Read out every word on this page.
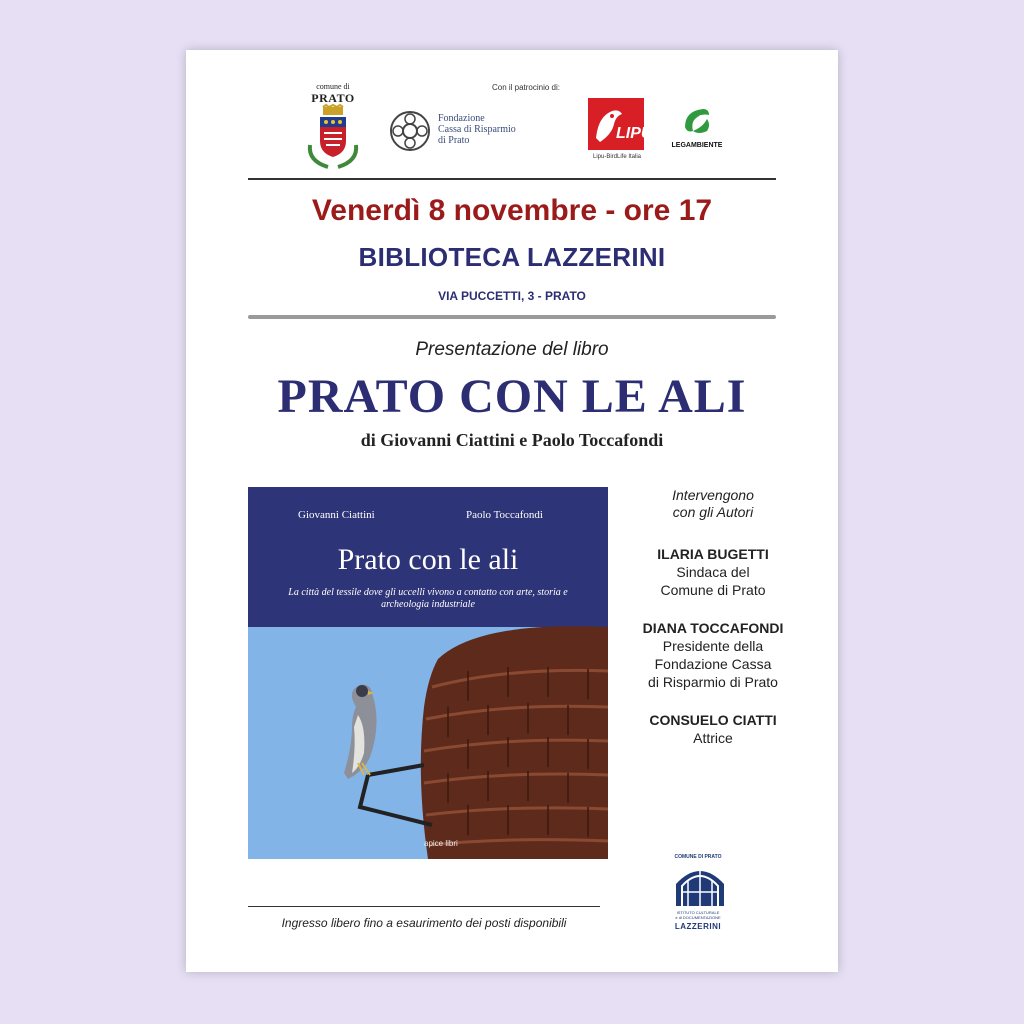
comune di
PRATO
Con il patrocinio di:
Fondazione
Cassa di Risparmio
di Prato	LIPU
Lipu-BirdLife Italia
LEGAMBIENTE
Venerdì 8 novembre - ore 17
BIBLIOTECA LAZZERINI
VIA PUCCETTI, 3 - PRATO
Presentazione del libro
PRATO CON LE ALI
di Giovanni Ciattini e Paolo Toccafondi
Giovanni Ciattini	Paolo Toccafondi
Prato con le ali
La città del tessile dove gli uccelli vivono a contatto con arte, storia e archeologia industriale
apice libri
Intervengono
con gli Autori
ILARIA BUGETTI
Sindaca del
Comune di Prato
DIANA TOCCAFONDI
Presidente della
Fondazione Cassa
di Risparmio di Prato
CONSUELO CIATTI
Attrice
COMUNE DI PRATO
ISTITUTO CULTURALE
e di DOCUMENTAZIONE
LAZZERINI
Ingresso libero fino a esaurimento dei posti disponibili
